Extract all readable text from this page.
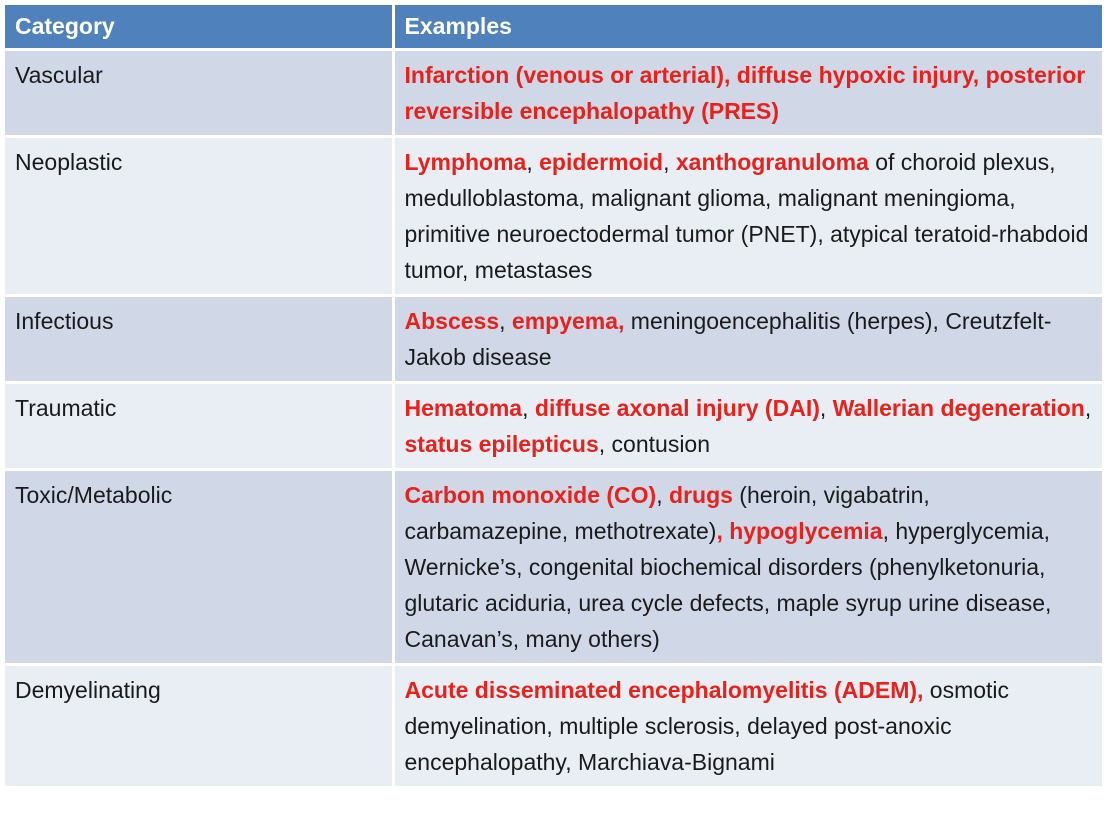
Category	Examples
Vascular	Infarction (venous or arterial), diffuse hypoxic injury, posterior reversible encephalopathy (PRES)
Neoplastic	Lymphoma, epidermoid, xanthogranuloma of choroid plexus, medulloblastoma, malignant glioma, malignant meningioma, primitive neuroectodermal tumor (PNET), atypical teratoid-rhabdoid tumor, metastases
Infectious	Abscess, empyema, meningoencephalitis (herpes), Creutzfelt-Jakob disease
Traumatic	Hematoma, diffuse axonal injury (DAI), Wallerian degeneration, status epilepticus, contusion
Toxic/Metabolic	Carbon monoxide (CO), drugs (heroin, vigabatrin, carbamazepine, methotrexate), hypoglycemia, hyperglycemia, Wernicke’s, congenital biochemical disorders (phenylketonuria, glutaric aciduria, urea cycle defects, maple syrup urine disease, Canavan’s, many others)
Demyelinating	Acute disseminated encephalomyelitis (ADEM), osmotic demyelination, multiple sclerosis, delayed post-anoxic encephalopathy, Marchiava-Bignami
